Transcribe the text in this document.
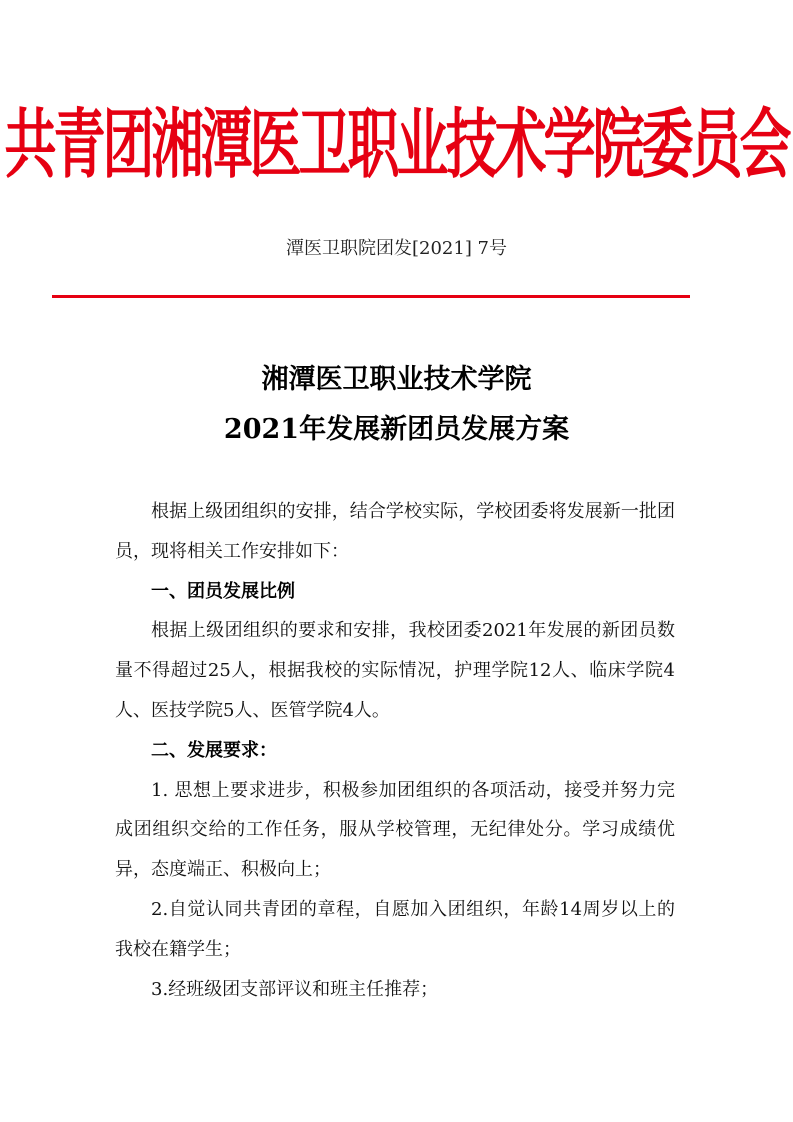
共青团湘潭医卫职业技术学院委员会
潭医卫职院团发[2021] 7号
湘潭医卫职业技术学院
2021年发展新团员发展方案

根据上级团组织的安排，结合学校实际，学校团委将发展新一批团员，现将相关工作安排如下：

一、团员发展比例

根据上级团组织的要求和安排，我校团委2021年发展的新团员数量不得超过25人，根据我校的实际情况，护理学院12人、临床学院4人、医技学院5人、医管学院4人。

二、发展要求：

1. 思想上要求进步，积极参加团组织的各项活动，接受并努力完成团组织交给的工作任务，服从学校管理，无纪律处分。学习成绩优异，态度端正、积极向上；

2.自觉认同共青团的章程，自愿加入团组织，年龄14周岁以上的我校在籍学生；

3.经班级团支部评议和班主任推荐；
